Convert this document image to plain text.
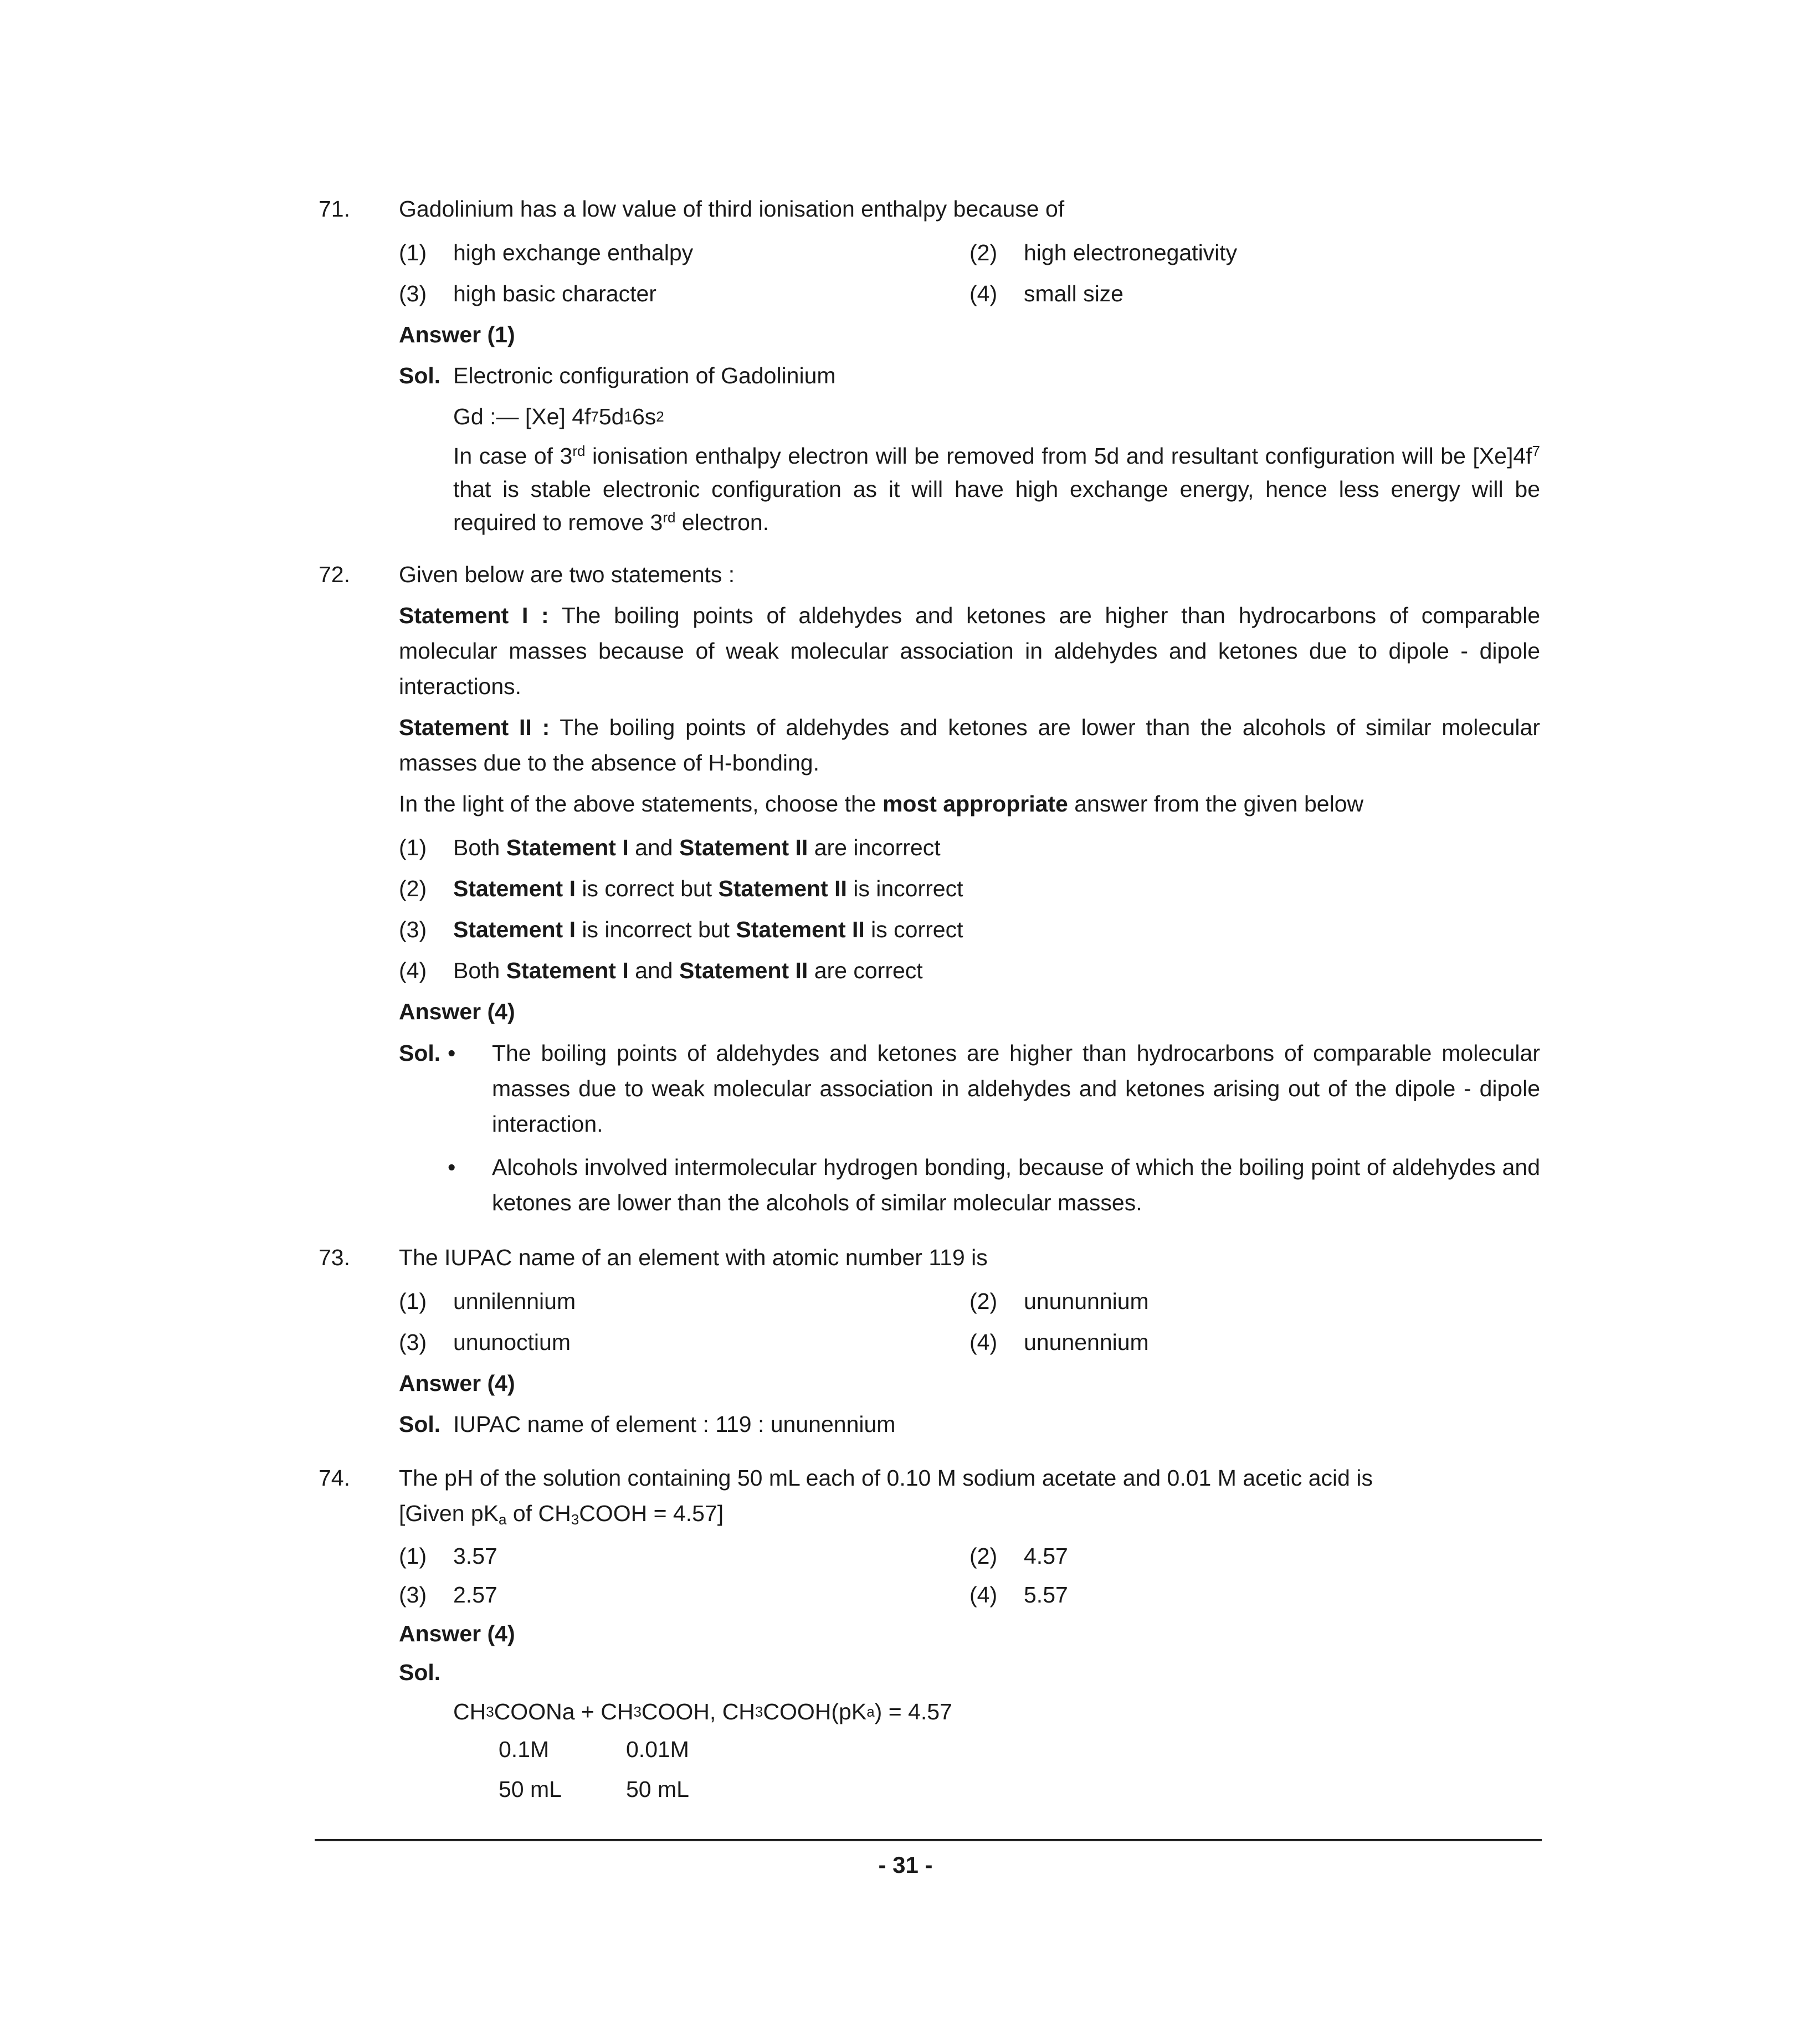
71.	Gadolinium has a low value of third ionisation enthalpy because of
(1)	high exchange enthalpy	(2)	high electronegativity
(3)	high basic character	(4)	small size
Answer (1)
Sol. Electronic configuration of Gadolinium
Gd :— [Xe] 4f 7 5d 1 6s 2
In case of 3rd ionisation enthalpy electron will be removed from 5d and resultant configuration will be $[Xe]4f^7$ that is stable electronic configuration as it will have high exchange energy, hence less energy will be required to remove 3rd electron.
72.	Given below are two statements :
Statement I : The boiling points of aldehydes and ketones are higher than hydrocarbons of comparable molecular masses because of weak molecular association in aldehydes and ketones due to dipole - dipole interactions.
Statement II : The boiling points of aldehydes and ketones are lower than the alcohols of similar molecular masses due to the absence of H-bonding.
In the light of the above statements, choose the most appropriate answer from the given below
(1)	Both Statement I and Statement II are incorrect
(2)	Statement I is correct but Statement II is incorrect
(3)	Statement I is incorrect but Statement II is correct
(4)	Both Statement I and Statement II are correct
Answer (4)
Sol. •	The boiling points of aldehydes and ketones are higher than hydrocarbons of comparable molecular masses due to weak molecular association in aldehydes and ketones arising out of the dipole - dipole interaction.
•	Alcohols involved intermolecular hydrogen bonding, because of which the boiling point of aldehydes and ketones are lower than the alcohols of similar molecular masses.
73.	The IUPAC name of an element with atomic number 119 is
(1)	unnilennium	(2)	unununnium
(3)	ununoctium	(4)	ununennium
Answer (4)
Sol. IUPAC name of element : 119 : ununennium
74.	The pH of the solution containing 50 mL each of 0.10 M sodium acetate and 0.01 M acetic acid is
[Given $pK_a$ of $CH_3COOH = 4.57$]
(1)	3.57	(2)	4.57
(3)	2.57	(4)	5.57
Answer (4)
Sol.
CH 3 COONa + CH 3 COOH, CH 3 COOH(pK a ) = 4.57
0.1M	0.01M
50 mL	50 mL
- 31 -
